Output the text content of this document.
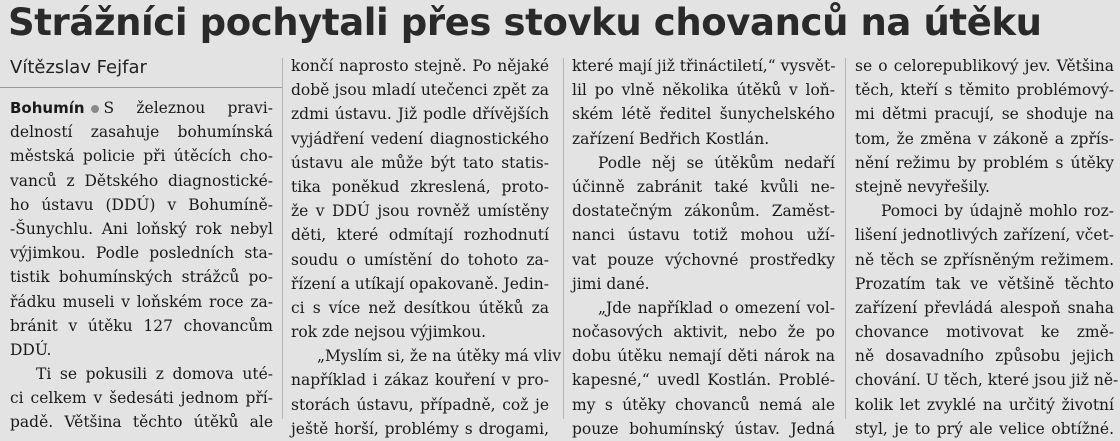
Strážníci pochytali přes stovku chovanců na útěku
Vítězslav Fejfar
Bohumín S železnou pravi-
delností zasahuje bohumínská
městská policie při útěcích cho-
vanců z Dětského diagnostické-
ho ústavu (DDÚ) v Bohumíně-
-Šunychlu. Ani loňský rok nebyl
výjimkou. Podle posledních sta-
tistik bohumínských strážců po-
řádku museli v loňském roce za-
bránit v útěku 127 chovancům
DDÚ.
Ti se pokusili z domova uté-
ci celkem v šedesáti jednom pří-
padě. Většina těchto útěků ale
končí naprosto stejně. Po nějaké
době jsou mladí utečenci zpět za
zdmi ústavu. Již podle dřívějších
vyjádření vedení diagnostického
ústavu ale může být tato statis-
tika poněkud zkreslená, proto-
že v DDÚ jsou rovněž umístěny
děti, které odmítají rozhodnutí
soudu o umístění do tohoto za-
řízení a utíkají opakovaně. Jedin-
ci s více než desítkou útěků za
rok zde nejsou výjimkou.
„Myslím si, že na útěky má vliv
například i zákaz kouření v pro-
storách ústavu, případně, což je
ještě horší, problémy s drogami,
které mají již třináctiletí,“ vysvět-
lil po vlně několika útěků v loň-
ském létě ředitel šunychelského
zařízení Bedřich Kostlán.
Podle něj se útěkům nedaří
účinně zabránit také kvůli ne-
dostatečným zákonům. Zaměst-
nanci ústavu totiž mohou uží-
vat pouze výchovné prostředky
jimi dané.
„Jde například o omezení vol-
nočasových aktivit, nebo že po
dobu útěku nemají děti nárok na
kapesné,“ uvedl Kostlán. Problé-
my s útěky chovanců nemá ale
pouze bohumínský ústav. Jedná
se o celorepublikový jev. Většina
těch, kteří s těmito problémový-
mi dětmi pracují, se shoduje na
tom, že změna v zákoně a zpřís-
nění režimu by problém s útěky
stejně nevyřešily.
Pomoci by údajně mohlo roz-
lišení jednotlivých zařízení, včet-
ně těch se zpřísněným režimem.
Prozatím tak ve většině těchto
zařízení převládá alespoň snaha
chovance motivovat ke změ-
ně dosavadního způsobu jejich
chování. U těch, které jsou již ně-
kolik let zvyklé na určitý životní
styl, je to prý ale velice obtížné.
